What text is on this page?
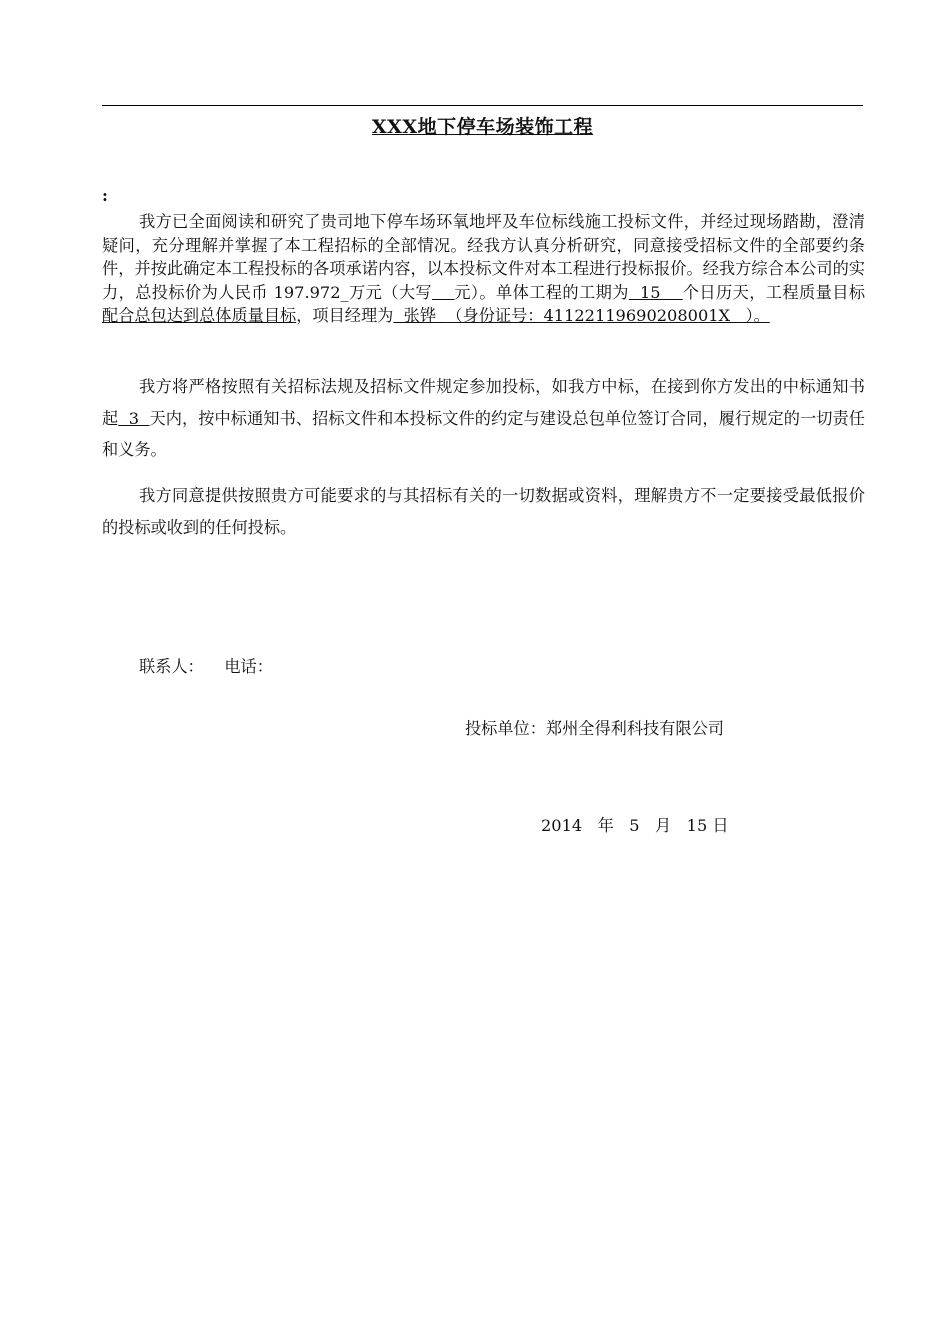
XXX地下停车场装饰工程
:

我方已全面阅读和研究了贵司地下停车场环氧地坪及车位标线施工投标文件，并经过现场踏勘，澄清疑问，充分理解并掌握了本工程招标的全部情况。经我方认真分析研究，同意接受招标文件的全部要约条件，并按此确定本工程投标的各项承诺内容，以本投标文件对本工程进行投标报价。经我方综合本公司的实力，总投标价为人民币 197.972_万元（大写 元）。单体工程的工期为  15    个日历天，工程质量目标配合总包达到总体质量目标，项目经理为  张铧  （身份证号：41122119690208001X   ）。

我方将严格按照有关招标法规及招标文件规定参加投标，如我方中标，在接到你方发出的中标通知书起  3  天内，按中标通知书、招标文件和本投标文件的约定与建设总包单位签订合同，履行规定的一切责任和义务。

我方同意提供按照贵方可能要求的与其招标有关的一切数据或资料，理解贵方不一定要接受最低报价的投标或收到的任何投标。

联系人：    电话：
投标单位：郑州全得利科技有限公司
2014 年 5 月 15 日
